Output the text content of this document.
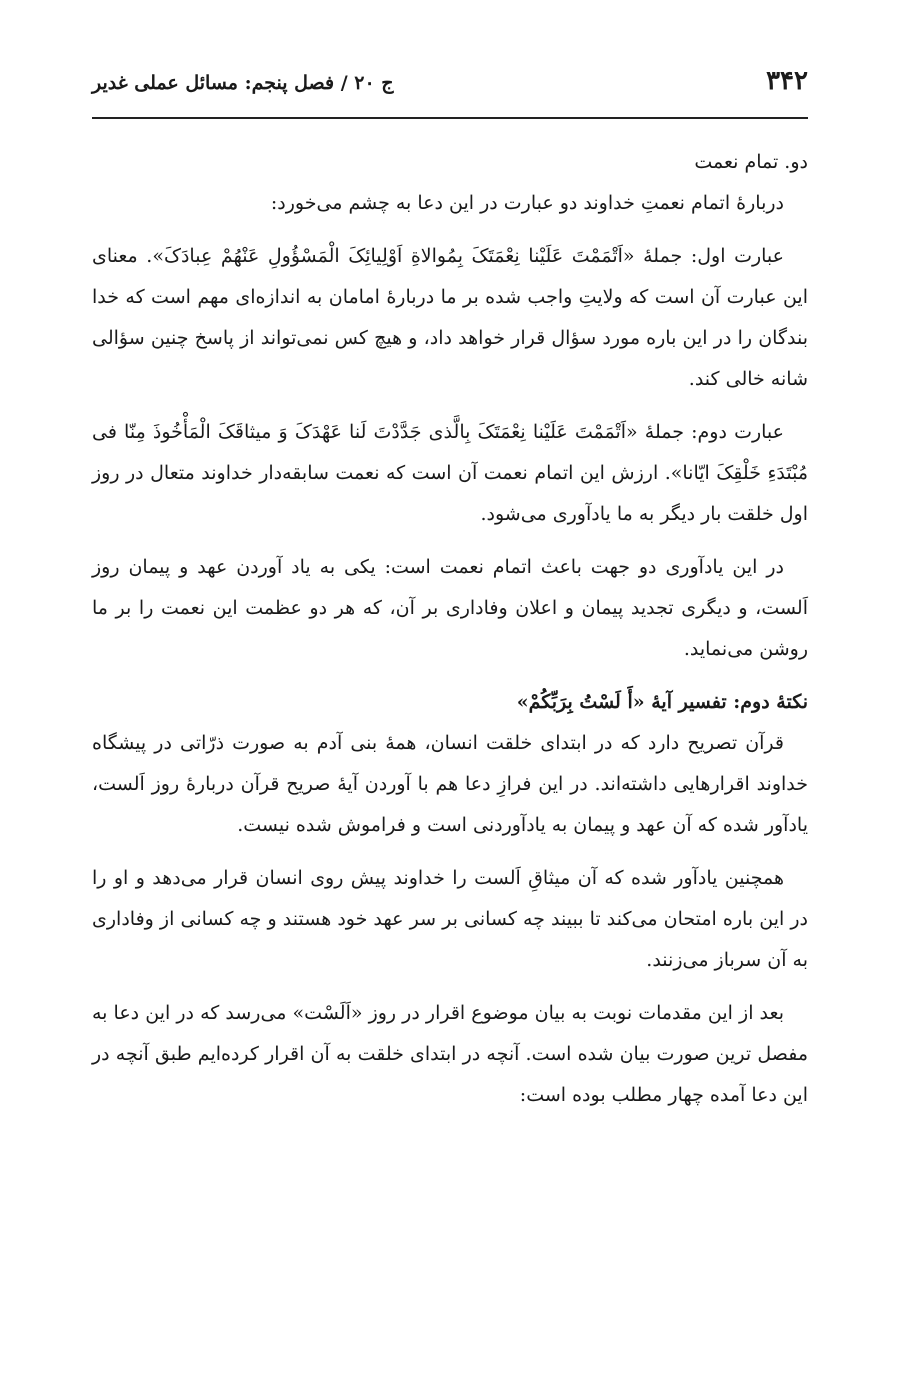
۳۴۲
ج ۲۰ / فصل پنجم: مسائل عملی غدیر

دو. تمام نعمت

دربارۀ اتمام نعمتِ خداوند دو عبارت در این دعا به چشم می‌خورد:

عبارت اول: جملۀ «اَتْمَمْتَ عَلَيْنا نِعْمَتَکَ بِمُوالاةِ اَوْلِيائِکَ الْمَسْؤُولِ عَنْهُمْ عِبادَکَ». معنای این عبارت آن است که ولایتِ واجب شده بر ما دربارۀ امامان به اندازه‌ای مهم است که خدا بندگان را در این باره مورد سؤال قرار خواهد داد، و هیچ کس نمی‌تواند از پاسخ چنین سؤالی شانه خالی کند.

عبارت دوم: جملۀ «اَتْمَمْتَ عَلَيْنا نِعْمَتَکَ بِالَّذی جَدَّدْتَ لَنا عَهْدَکَ وَ میثاقَکَ الْمَأْخُوذَ مِنّا فی مُبْتَدَءِ خَلْقِکَ ايّانا». ارزش این اتمام نعمت آن است که نعمت سابقه‌دار خداوند متعال در روز اول خلقت بار دیگر به ما یادآوری می‌شود.

در این یادآوری دو جهت باعث اتمام نعمت است: یکی به یاد آوردن عهد و پیمان روز اَلست، و دیگری تجدید پیمان و اعلان وفاداری بر آن، که هر دو عظمت این نعمت را بر ما روشن می‌نماید.

نکتۀ دوم: تفسیر آیۀ «أَ لَسْتُ بِرَبِّکُمْ»

قرآن تصریح دارد که در ابتدای خلقت انسان، همۀ بنی آدم به صورت ذرّاتی در پیشگاه خداوند اقرارهایی داشته‌اند. در این فرازِ دعا هم با آوردن آیۀ صریح قرآن دربارۀ روز اَلست، یادآور شده که آن عهد و پیمان به یادآوردنی است و فراموش شده نیست.

همچنین یادآور شده که آن میثاقِ اَلست را خداوند پیش روی انسان قرار می‌دهد و او را در این باره امتحان می‌کند تا ببیند چه کسانی بر سر عهد خود هستند و چه کسانی از وفاداری به آن سرباز می‌زنند.

بعد از این مقدمات نوبت به بیان موضوع اقرار در روز «اَلَسْت» می‌رسد که در این دعا به مفصل ترین صورت بیان شده است. آنچه در ابتدای خلقت به آن اقرار کرده‌ایم طبق آنچه در این دعا آمده چهار مطلب بوده است:
